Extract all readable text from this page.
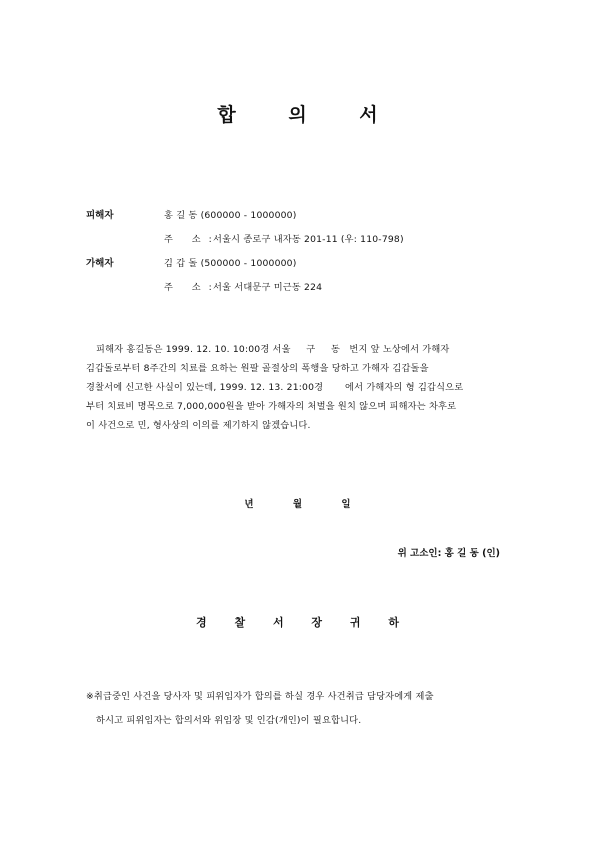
합	의	서
피해자	홍 길 동 (600000 - 1000000)
주 소:
서울시 종로구 내자동 201-11 (우: 110-798)
가해자	김 갑 돌 (500000 - 1000000)
주 소:
서울 서대문구 미근동 224
피해자 홍길동은 1999. 12. 10. 10:00경 서울     구     동   번지 앞 노상에서 가해자
김갑돌로부터 8주간의 치료를 요하는 원팔 골절상의 폭행을 당하고 가해자 김갑돌을
경찰서에 신고한 사실이 있는데, 1999. 12. 13. 21:00경       에서 가해자의 형 김갑식으로
부터 치료비 명목으로 7,000,000원을 받아 가해자의 처벌을 원치 않으며 피해자는 차후로
이 사건으로 민, 형사상의 이의를 제기하지 않겠습니다.
년	월	일
위 고소인: 홍 길 동 (인)
경	찰	서	장	귀	하
※취급중인 사건을 당사자 및 피위임자가 합의를 하실 경우 사건취급 담당자에게 제출
하시고 피위임자는 합의서와 위임장 및 인감(개인)이 필요합니다.
